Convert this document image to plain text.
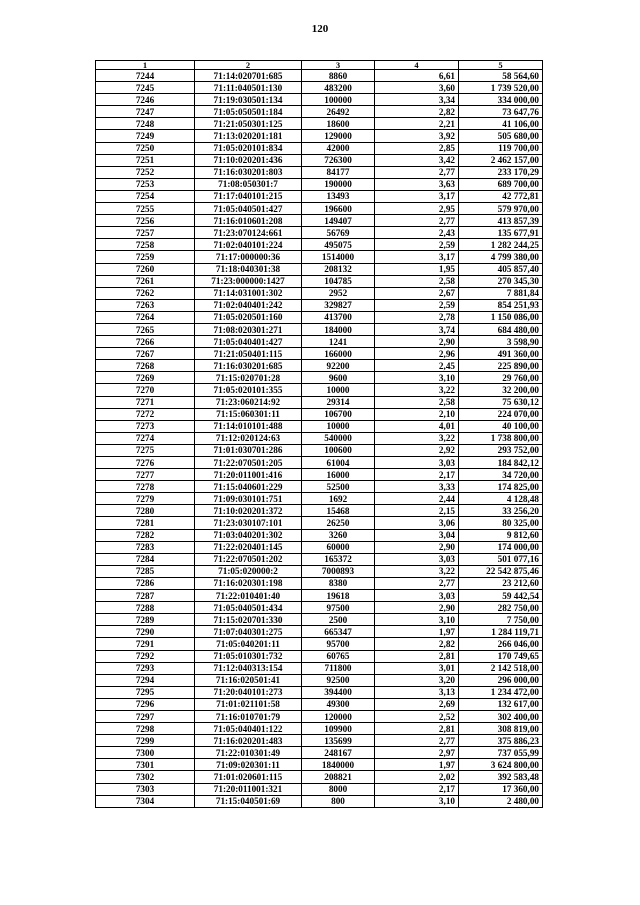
120
1	2	3	4	5
7244	71:14:020701:685	8860	6,61	58 564,60
7245	71:11:040501:130	483200	3,60	1 739 520,00
7246	71:19:030501:134	100000	3,34	334 000,00
7247	71:05:050501:184	26492	2,82	73 647,76
7248	71:21:050301:125	18600	2,21	41 106,00
7249	71:13:020201:181	129000	3,92	505 680,00
7250	71:05:020101:834	42000	2,85	119 700,00
7251	71:10:020201:436	726300	3,42	2 462 157,00
7252	71:16:030201:803	84177	2,77	233 170,29
7253	71:08:050301:7	190000	3,63	689 700,00
7254	71:17:040101:215	13493	3,17	42 772,81
7255	71:05:040501:427	196600	2,95	579 970,00
7256	71:16:010601:208	149407	2,77	413 857,39
7257	71:23:070124:661	56769	2,43	135 677,91
7258	71:02:040101:224	495075	2,59	1 282 244,25
7259	71:17:000000:36	1514000	3,17	4 799 380,00
7260	71:18:040301:38	208132	1,95	405 857,40
7261	71:23:000000:1427	104785	2,58	270 345,30
7262	71:14:031001:302	2952	2,67	7 881,84
7263	71:02:040401:242	329827	2,59	854 251,93
7264	71:05:020501:160	413700	2,78	1 150 086,00
7265	71:08:020301:271	184000	3,74	684 480,00
7266	71:05:040401:427	1241	2,90	3 598,90
7267	71:21:050401:115	166000	2,96	491 360,00
7268	71:16:030201:685	92200	2,45	225 890,00
7269	71:15:020701:28	9600	3,10	29 760,00
7270	71:05:020101:355	10000	3,22	32 200,00
7271	71:23:060214:92	29314	2,58	75 630,12
7272	71:15:060301:11	106700	2,10	224 070,00
7273	71:14:010101:488	10000	4,01	40 100,00
7274	71:12:020124:63	540000	3,22	1 738 800,00
7275	71:01:030701:286	100600	2,92	293 752,00
7276	71:22:070501:205	61004	3,03	184 842,12
7277	71:20:011001:416	16000	2,17	34 720,00
7278	71:15:040601:229	52500	3,33	174 825,00
7279	71:09:030101:751	1692	2,44	4 128,48
7280	71:10:020201:372	15468	2,15	33 256,20
7281	71:23:030107:101	26250	3,06	80 325,00
7282	71:03:040201:302	3260	3,04	9 812,60
7283	71:22:020401:145	60000	2,90	174 000,00
7284	71:22:070501:202	165372	3,03	501 077,16
7285	71:05:020000:2	7000893	3,22	22 542 875,46
7286	71:16:020301:198	8380	2,77	23 212,60
7287	71:22:010401:40	19618	3,03	59 442,54
7288	71:05:040501:434	97500	2,90	282 750,00
7289	71:15:020701:330	2500	3,10	7 750,00
7290	71:07:040301:275	665347	1,97	1 284 119,71
7291	71:05:040201:11	95700	2,82	266 046,00
7292	71:05:010301:732	60765	2,81	170 749,65
7293	71:12:040313:154	711800	3,01	2 142 518,00
7294	71:16:020501:41	92500	3,20	296 000,00
7295	71:20:040101:273	394400	3,13	1 234 472,00
7296	71:01:021101:58	49300	2,69	132 617,00
7297	71:16:010701:79	120000	2,52	302 400,00
7298	71:05:040401:122	109900	2,81	308 819,00
7299	71:16:020201:483	135699	2,77	375 886,23
7300	71:22:010301:49	248167	2,97	737 055,99
7301	71:09:020301:11	1840000	1,97	3 624 800,00
7302	71:01:020601:115	208821	2,02	392 583,48
7303	71:20:011001:321	8000	2,17	17 360,00
7304	71:15:040501:69	800	3,10	2 480,00
